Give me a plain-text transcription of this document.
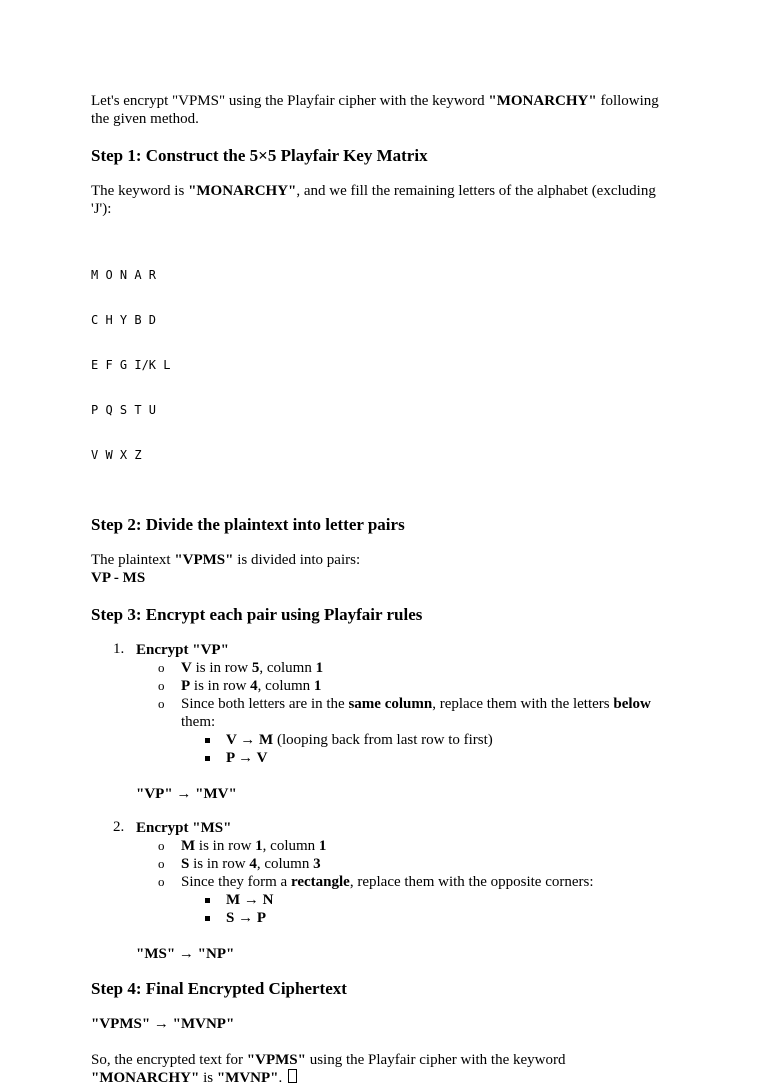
Let's encrypt "VPMS" using the Playfair cipher with the keyword "MONARCHY" following the given method.

Step 1: Construct the 5×5 Playfair Key Matrix

The keyword is "MONARCHY", and we fill the remaining letters of the alphabet (excluding 'J'):

M O N A R

C H Y B D

E F G I/K L

P Q S T U

V W X Z

Step 2: Divide the plaintext into letter pairs

The plaintext "VPMS" is divided into pairs:

VP - MS

Step 3: Encrypt each pair using Playfair rules
1. Encrypt "VP"

o V is in row 5, column 1
o P is in row 4, column 1
o Since both letters are in the same column, replace them with the letters below them:
V → M (looping back from last row to first)
P → V

"VP" → "MV"

2. Encrypt "MS"

o M is in row 1, column 1
o S is in row 4, column 3
o Since they form a rectangle, replace them with the opposite corners:
M → N
S → P

"MS" → "NP"

Step 4: Final Encrypted Ciphertext

"VPMS" → "MVNP"

So, the encrypted text for "VPMS" using the Playfair cipher with the keyword "MONARCHY" is "MVNP".
